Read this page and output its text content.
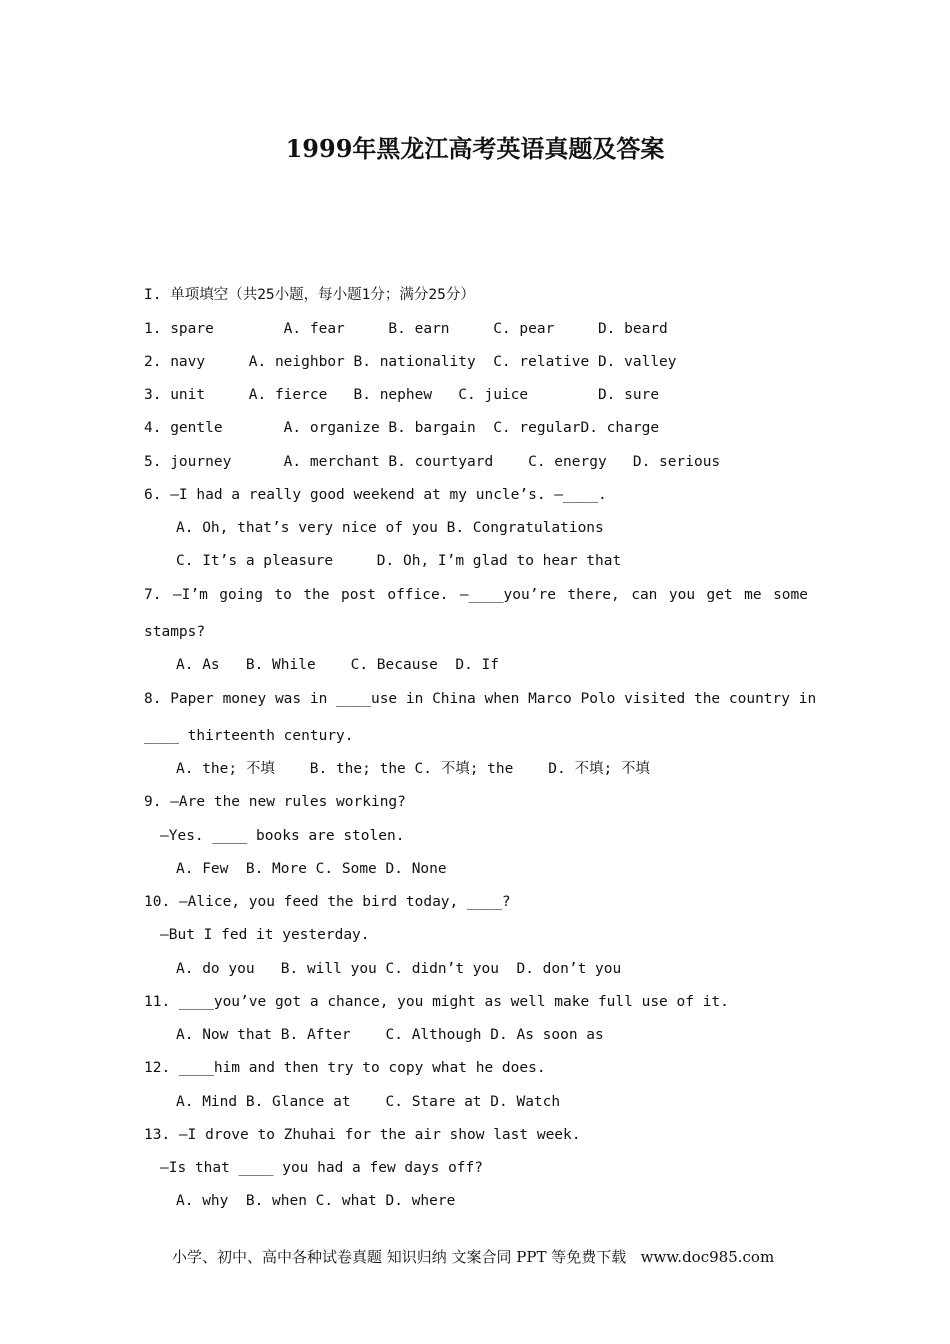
1999年黑龙江高考英语真题及答案
I. 单项填空（共25小题，每小题1分；满分25分）
1. spare        A. fear     B. earn     C. pear     D. beard
2. navy     A. neighbor B. nationality  C. relative D. valley
3. unit     A. fierce   B. nephew   C. juice        D. sure
4. gentle       A. organize B. bargain  C. regularD. charge
5. journey      A. merchant B. courtyard    C. energy   D. serious
6. —I had a really good weekend at my uncle’s. —____.
A. Oh, that’s very nice of you B. Congratulations
C. It’s a pleasure     D. Oh, I’m glad to hear that
7. —I’m going to the post office. —____you’re there, can you get me some
stamps?
A. As   B. While    C. Because  D. If
8. Paper money was in ____use in China when Marco Polo visited the country in
____ thirteenth century.
A. the; 不填    B. the; the C. 不填; the    D. 不填; 不填
9. —Are the new rules working?
—Yes. ____ books are stolen.
A. Few  B. More C. Some D. None
10. —Alice, you feed the bird today, ____?
—But I fed it yesterday.
A. do you   B. will you C. didn’t you  D. don’t you
11. ____you’ve got a chance, you might as well make full use of it.
A. Now that B. After    C. Although D. As soon as
12. ____him and then try to copy what he does.
A. Mind B. Glance at    C. Stare at D. Watch
13. —I drove to Zhuhai for the air show last week.
—Is that ____ you had a few days off?
A. why  B. when C. what D. where
小学、初中、高中各种试卷真题 知识归纳 文案合同 PPT 等免费下载   www.doc985.com
